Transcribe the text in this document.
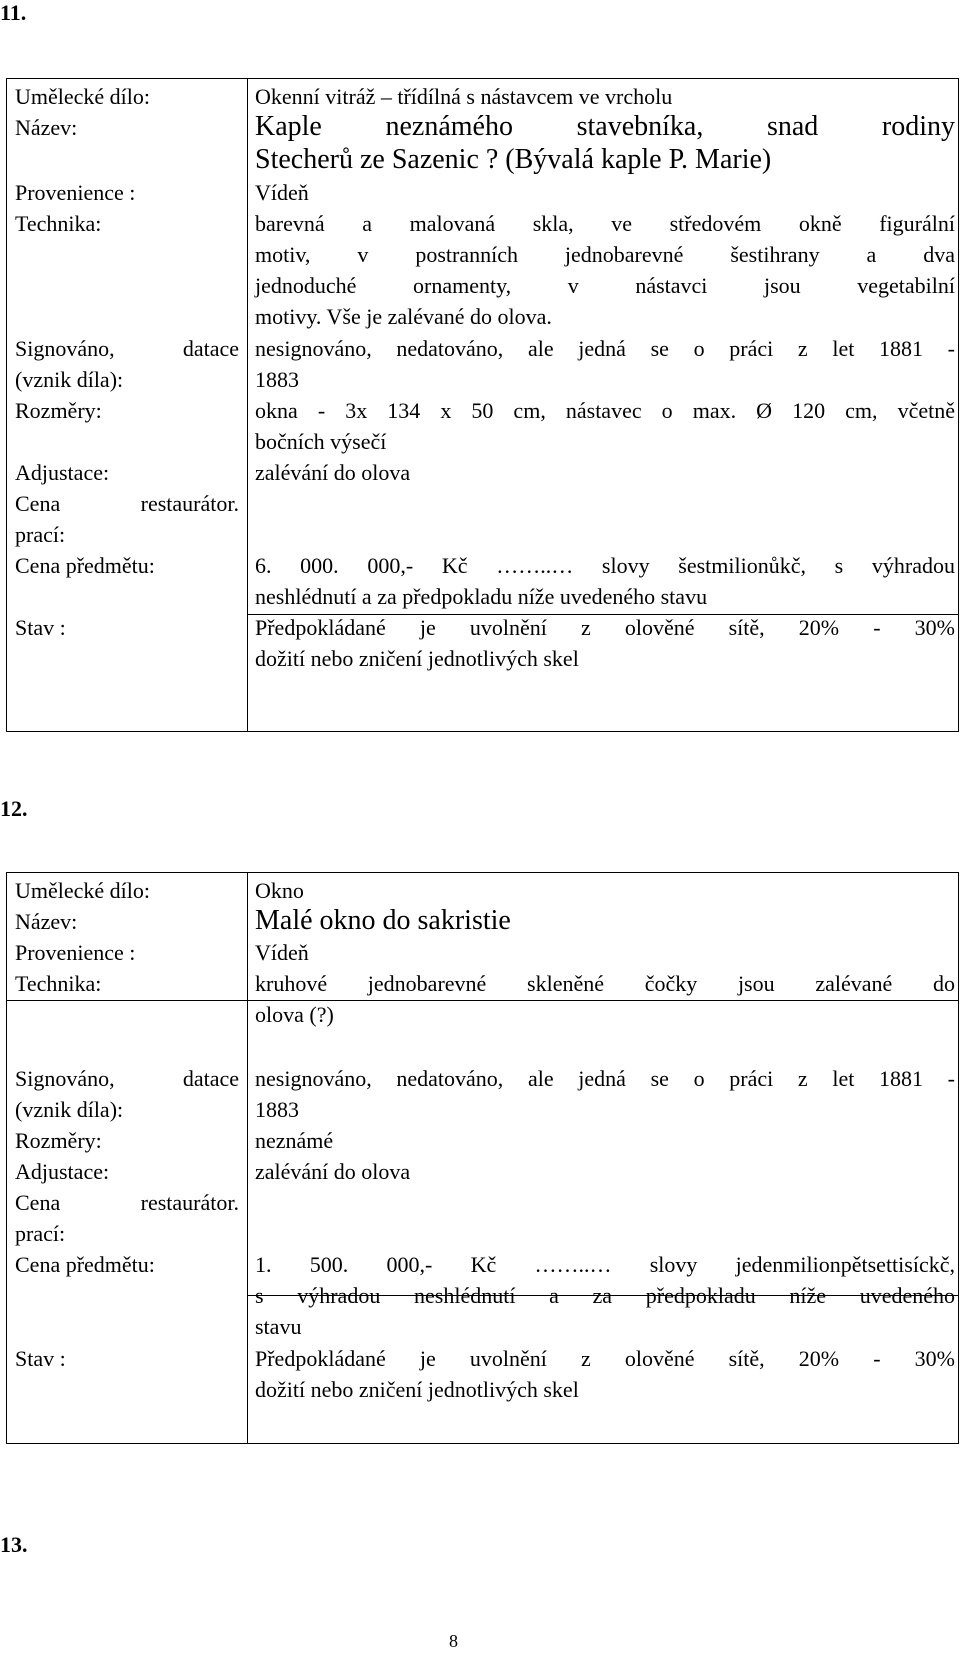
11.
Umělecké dílo:
Název:
Provenience :
Technika:
Signováno, datace
(vznik díla):
Rozměry:
Adjustace:
Cena restaurátor.
prací:
Cena předmětu:
Stav :
Okenní vitráž – třídílná s nástavcem ve vrcholu
Kaple neznámého stavebníka, snad rodiny
Stecherů ze Sazenic ? (Bývalá kaple P. Marie)
Vídeň
barevná a malovaná skla, ve středovém okně figurální
motiv, v postranních jednobarevné šestihrany a dva
jednoduché ornamenty, v nástavci jsou vegetabilní
motivy. Vše je zalévané do olova.
nesignováno, nedatováno, ale jedná se o práci z let 1881 -
1883
okna - 3x 134 x 50 cm, nástavec o max. Ø 120 cm, včetně
bočních výsečí
zalévání do olova
6. 000. 000,- Kč ……..… slovy šestmilionůkč, s výhradou
neshlédnutí a za předpokladu níže uvedeného stavu
Předpokládané je uvolnění z olověné sítě, 20% - 30%
dožití nebo zničení jednotlivých skel
12.
Umělecké dílo:
Název:
Provenience :
Technika:
Signováno, datace
(vznik díla):
Rozměry:
Adjustace:
Cena restaurátor.
prací:
Cena předmětu:
Stav :
Okno
Malé okno do sakristie
Vídeň
kruhové jednobarevné skleněné čočky jsou zalévané do
olova (?)
nesignováno, nedatováno, ale jedná se o práci z let 1881 -
1883
neznámé
zalévání do olova
1. 500. 000,- Kč ……..… slovy jedenmilionpětsettisíckč,
s výhradou neshlédnutí a za předpokladu níže uvedeného
stavu
Předpokládané je uvolnění z olověné sítě, 20% - 30%
dožití nebo zničení jednotlivých skel
13.
8
